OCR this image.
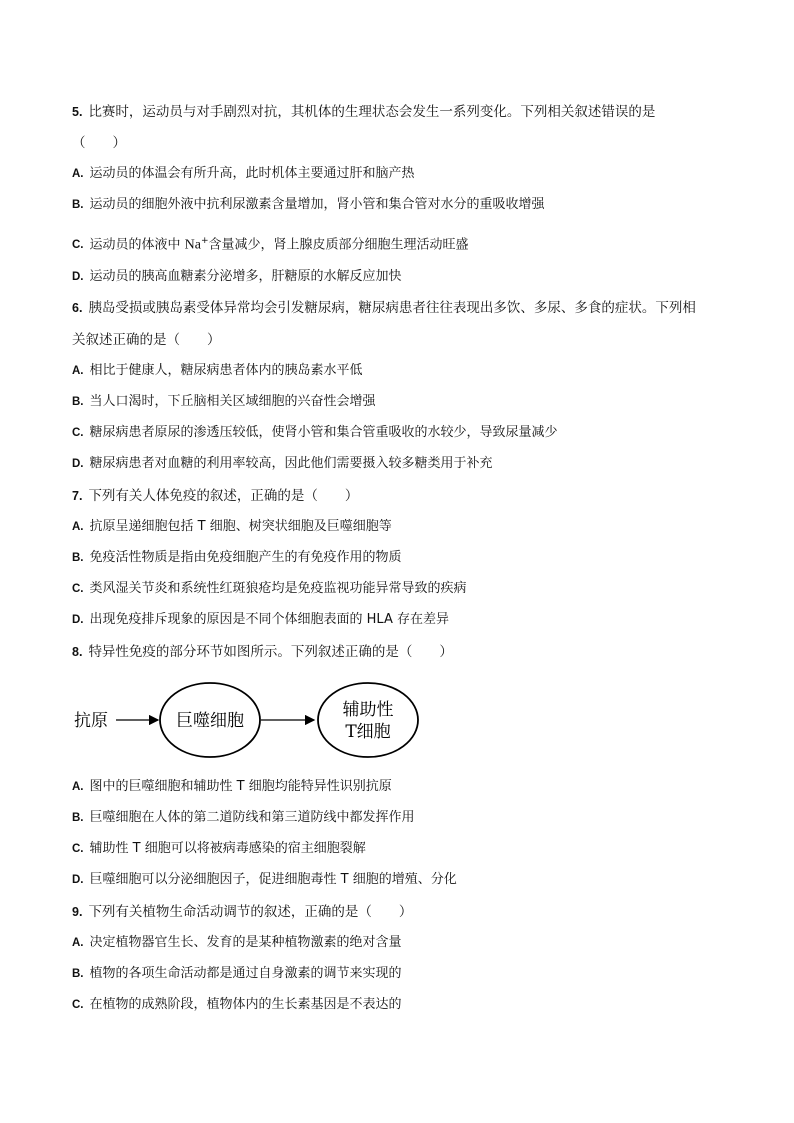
5. 比赛时，运动员与对手剧烈对抗，其机体的生理状态会发生一系列变化。下列相关叙述错误的是
（　　）
A. 运动员的体温会有所升高，此时机体主要通过肝和脑产热
B. 运动员的细胞外液中抗利尿激素含量增加，肾小管和集合管对水分的重吸收增强
C. 运动员的体液中 Na+含量减少，肾上腺皮质部分细胞生理活动旺盛
D. 运动员的胰高血糖素分泌增多，肝糖原的水解反应加快
6. 胰岛受损或胰岛素受体异常均会引发糖尿病，糖尿病患者往往表现出多饮、多尿、多食的症状。下列相
关叙述正确的是（　　）
A. 相比于健康人，糖尿病患者体内的胰岛素水平低
B. 当人口渴时，下丘脑相关区域细胞的兴奋性会增强
C. 糖尿病患者原尿的渗透压较低，使肾小管和集合管重吸收的水较少，导致尿量减少
D. 糖尿病患者对血糖的利用率较高，因此他们需要摄入较多糖类用于补充
7. 下列有关人体免疫的叙述，正确的是（　　）
A. 抗原呈递细胞包括 T 细胞、树突状细胞及巨噬细胞等
B. 免疫活性物质是指由免疫细胞产生的有免疫作用的物质
C. 类风湿关节炎和系统性红斑狼疮均是免疫监视功能异常导致的疾病
D. 出现免疫排斥现象的原因是不同个体细胞表面的 HLA 存在差异
8. 特异性免疫的部分环节如图所示。下列叙述正确的是（　　）
抗原	巨噬细胞
辅助性
T细胞
A. 图中的巨噬细胞和辅助性 T 细胞均能特异性识别抗原
B. 巨噬细胞在人体的第二道防线和第三道防线中都发挥作用
C. 辅助性 T 细胞可以将被病毒感染的宿主细胞裂解
D. 巨噬细胞可以分泌细胞因子，促进细胞毒性 T 细胞的增殖、分化
9. 下列有关植物生命活动调节的叙述，正确的是（　　）
A. 决定植物器官生长、发育的是某种植物激素的绝对含量
B. 植物的各项生命活动都是通过自身激素的调节来实现的
C. 在植物的成熟阶段，植物体内的生长素基因是不表达的
